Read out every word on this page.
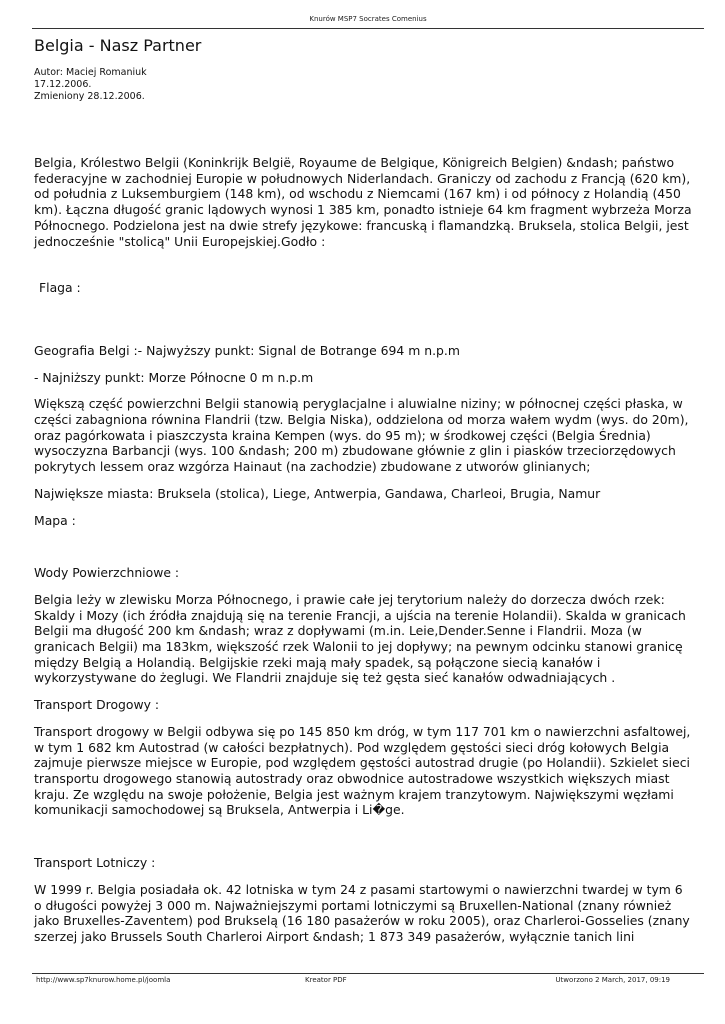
Knurów MSP7 Socrates Comenius
Belgia - Nasz Partner
Autor: Maciej Romaniuk
17.12.2006.
Zmieniony 28.12.2006.

Belgia, Królestwo Belgii (Koninkrijk België, Royaume de Belgique, Königreich Belgien) &ndash; państwo federacyjne w zachodniej Europie w połudnowych Niderlandach. Graniczy od zachodu z Francją (620 km), od południa z Luksemburgiem (148 km), od wschodu z Niemcami (167 km) i od północy z Holandią (450 km). Łączna długość granic lądowych wynosi 1 385 km, ponadto istnieje 64 km fragment wybrzeża Morza Północnego. Podzielona jest na dwie strefy językowe: francuską i flamandzką. Bruksela, stolica Belgii, jest jednocześnie "stolicą" Unii Europejskiej.Godło :

Flaga :

Geografia Belgi :- Najwyższy punkt: Signal de Botrange 694 m n.p.m

- Najniższy punkt: Morze Północne 0 m n.p.m

Większą część powierzchni Belgii stanowią peryglacjalne i aluwialne niziny; w północnej części płaska, w części zabagniona równina Flandrii (tzw. Belgia Niska), oddzielona od morza wałem wydm (wys. do 20m), oraz pagórkowata i piaszczysta kraina Kempen (wys. do 95 m); w środkowej części (Belgia Średnia) wysoczyzna Barbancji (wys. 100 &ndash; 200 m) zbudowane głównie z glin i piasków trzeciorzędowych pokrytych lessem oraz wzgórza Hainaut (na zachodzie) zbudowane z utworów glinianych;

Największe miasta: Bruksela (stolica), Liege, Antwerpia, Gandawa, Charleoi, Brugia, Namur

Mapa :

Wody Powierzchniowe :

Belgia leży w zlewisku Morza Północnego, i prawie całe jej terytorium należy do dorzecza dwóch rzek: Skaldy i Mozy (ich źródła znajdują się na terenie Francji, a ujścia na terenie Holandii). Skalda w granicach Belgii ma długość 200 km &ndash; wraz z dopływami (m.in. Leie,Dender.Senne i Flandrii. Moza (w granicach Belgii) ma 183km, większość rzek Walonii to jej dopływy; na pewnym odcinku stanowi granicę między Belgią a Holandią. Belgijskie rzeki mają mały spadek, są połączone siecią kanałów i wykorzystywane do żeglugi. We Flandrii znajduje się też gęsta sieć kanałów odwadniających .

Transport Drogowy :

Transport drogowy w Belgii odbywa się po 145 850 km dróg, w tym 117 701 km o nawierzchni asfaltowej, w tym 1 682 km Autostrad (w całości bezpłatnych). Pod względem gęstości sieci dróg kołowych Belgia zajmuje pierwsze miejsce w Europie, pod względem gęstości autostrad drugie (po Holandii). Szkielet sieci transportu drogowego stanowią autostrady oraz obwodnice autostradowe wszystkich większych miast kraju. Ze względu na swoje położenie, Belgia jest ważnym krajem tranzytowym. Największymi węzłami komunikacji samochodowej są Bruksela, Antwerpia i Li�ge.

Transport Lotniczy :

W 1999 r. Belgia posiadała ok. 42 lotniska w tym 24 z pasami startowymi o nawierzchni twardej w tym 6 o długości powyżej 3 000 m. Najważniejszymi portami lotniczymi są Bruxellen-National (znany również jako Bruxelles-Zaventem) pod Brukselą (16 180 pasażerów w roku 2005), oraz Charleroi-Gosselies (znany szerzej jako Brussels South Charleroi Airport &ndash; 1 873 349 pasażerów, wyłącznie tanich lini

http://www.sp7knurow.home.pl/joomla	Kreator PDF	Utworzono 2 March, 2017, 09:19
